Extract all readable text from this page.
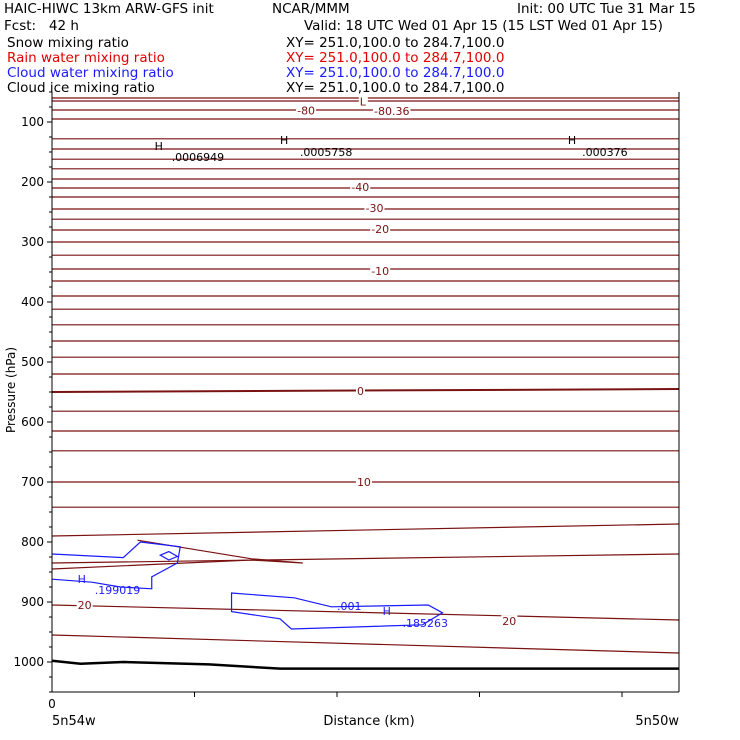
HAIC-HIWC 13km ARW-GFS init	NCAR/MMM	Init: 00 UTC Tue 31 Mar 15
Fcst:   42 h	Valid: 18 UTC Wed 01 Apr 15 (15 LST Wed 01 Apr 15)
Snow mixing ratio	XY= 251.0,100.0 to 284.7,100.0
Rain water mixing ratio	XY= 251.0,100.0 to 284.7,100.0
Cloud water mixing ratio	XY= 251.0,100.0 to 284.7,100.0
Cloud ice mixing ratio	XY= 251.0,100.0 to 284.7,100.0
-80	-80.36
L
-40
-30
-20
-10
0
10
20
20
H
.0006949
H
.0005758
H
.000376
H
.199019
.001 H
.185263
100
200
300
400
500
600
700
800
900
1000
0
Distance (km)
Pressure (hPa)
5n54w	5n50w
